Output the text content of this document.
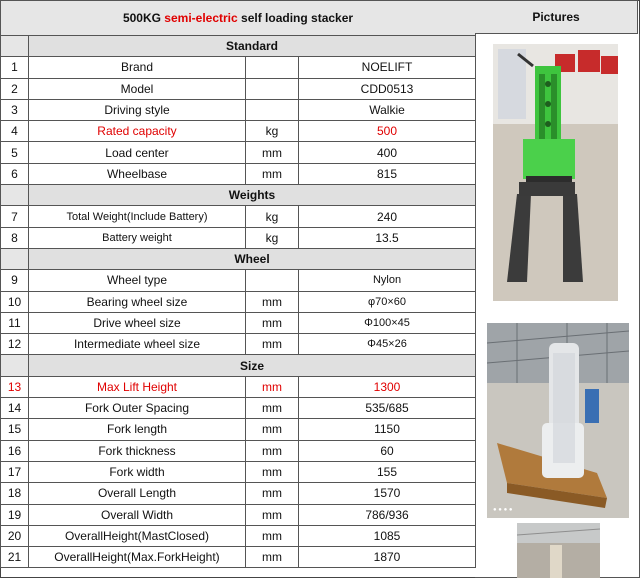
500KG semi-electric self loading stacker			
	Standard		
1	Brand		NOELIFT
2	Model		CDD0513
3	Driving style		Walkie
4	Rated capacity	kg	500
5	Load center	mm	400
6	Wheelbase	mm	815
	Weights		
7	Total Weight(Include Battery)	kg	240
8	Battery weight	kg	13.5
	Wheel		
9	Wheel type		Nylon
10	Bearing wheel size	mm	φ70×60
11	Drive wheel size	mm	Φ100×45
12	Intermediate wheel size	mm	Φ45×26
	Size		
13	Max Lift Height	mm	1300
14	Fork Outer Spacing	mm	535/685
15	Fork length	mm	1150
16	Fork thickness	mm	60
17	Fork width	mm	155
18	Overall Length	mm	1570
19	Overall Width	mm	786/936
20	OverallHeight(MastClosed)	mm	1085
21	OverallHeight(Max.ForkHeight)	mm	1870
Pictures
● ● ● ●
